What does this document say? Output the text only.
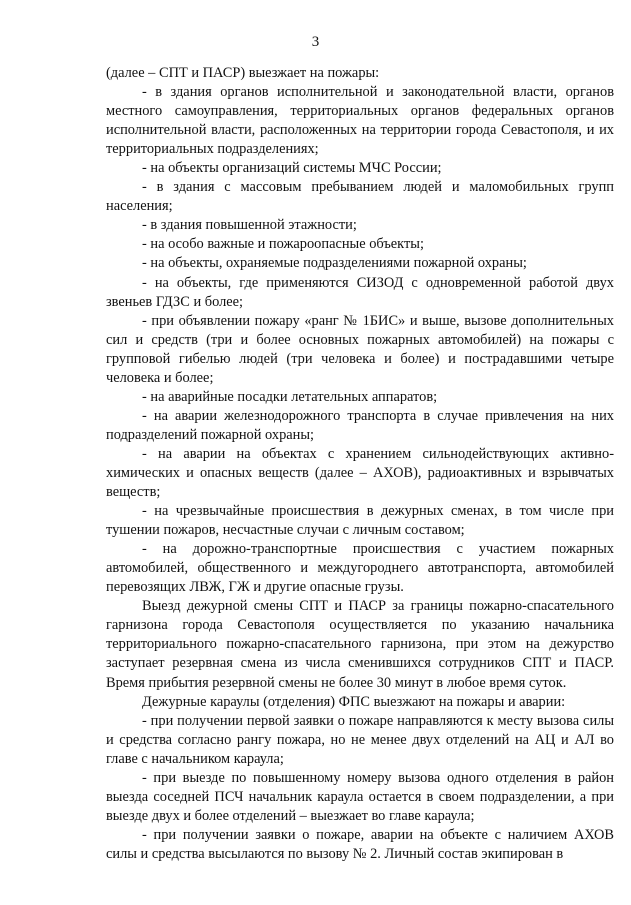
3

(далее – СПТ и ПАСР) выезжает на пожары:

- в здания органов исполнительной и законодательной власти, органов местного самоуправления, территориальных органов федеральных органов исполнительной власти, расположенных на территории города Севастополя, и их территориальных подразделениях;

- на объекты организаций системы МЧС России;

- в здания с массовым пребыванием людей и маломобильных групп населения;

- в здания повышенной этажности;

- на особо важные и пожароопасные объекты;

- на объекты, охраняемые подразделениями пожарной охраны;

- на объекты, где применяются СИЗОД с одновременной работой двух звеньев ГДЗС и более;

- при объявлении пожару «ранг № 1БИС» и выше, вызове дополнительных сил и средств (три и более основных пожарных автомобилей) на пожары с групповой гибелью людей (три человека и более) и пострадавшими четыре человека и более;

- на аварийные посадки летательных аппаратов;

- на аварии железнодорожного транспорта в случае привлечения на них подразделений пожарной охраны;

- на аварии на объектах с хранением сильнодействующих активно-химических и опасных веществ (далее – АХОВ), радиоактивных и взрывчатых веществ;

- на чрезвычайные происшествия в дежурных сменах, в том числе при тушении пожаров, несчастные случаи с личным составом;

- на дорожно-транспортные происшествия с участием пожарных автомобилей, общественного и междугороднего автотранспорта, автомобилей перевозящих ЛВЖ, ГЖ и другие опасные грузы.

Выезд дежурной смены СПТ и ПАСР за границы пожарно-спасательного гарнизона города Севастополя осуществляется по указанию начальника территориального пожарно-спасательного гарнизона, при этом на дежурство заступает резервная смена из числа сменившихся сотрудников СПТ и ПАСР. Время прибытия резервной смены не более 30 минут в любое время суток.

Дежурные караулы (отделения) ФПС выезжают на пожары и аварии:

- при получении первой заявки о пожаре направляются к месту вызова силы и средства согласно рангу пожара, но не менее двух отделений на АЦ и АЛ во главе с начальником караула;

- при выезде по повышенному номеру вызова одного отделения в район выезда соседней ПСЧ начальник караула остается в своем подразделении, а при выезде двух и более отделений – выезжает во главе караула;

- при получении заявки о пожаре, аварии на объекте с наличием АХОВ силы и средства высылаются по вызову № 2. Личный состав экипирован в
